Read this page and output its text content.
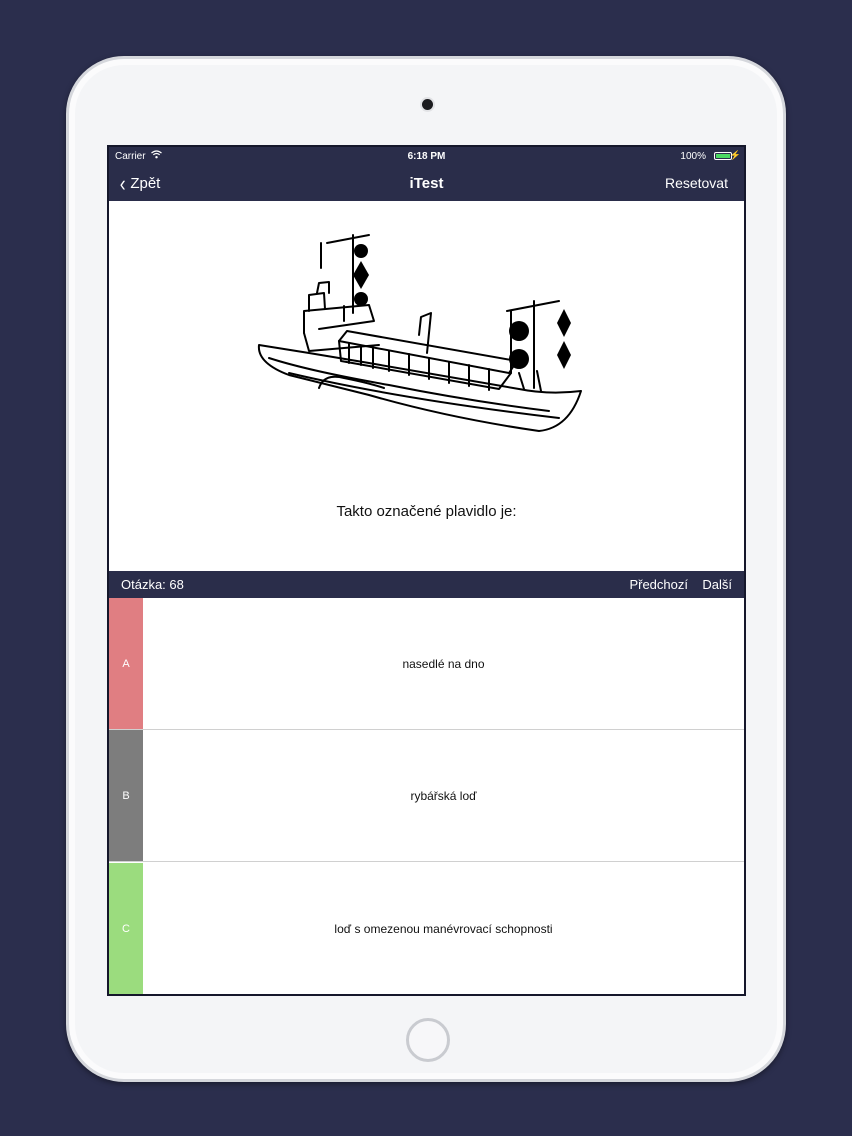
Carrier	6:18 PM	100%	⚡
‹ Zpět	iTest	Resetovat
Takto označené plavidlo je:
Otázka: 68	Předchozí Další
A	nasedlé na dno
B	rybářská loď
C	loď s omezenou manévrovací schopnosti
